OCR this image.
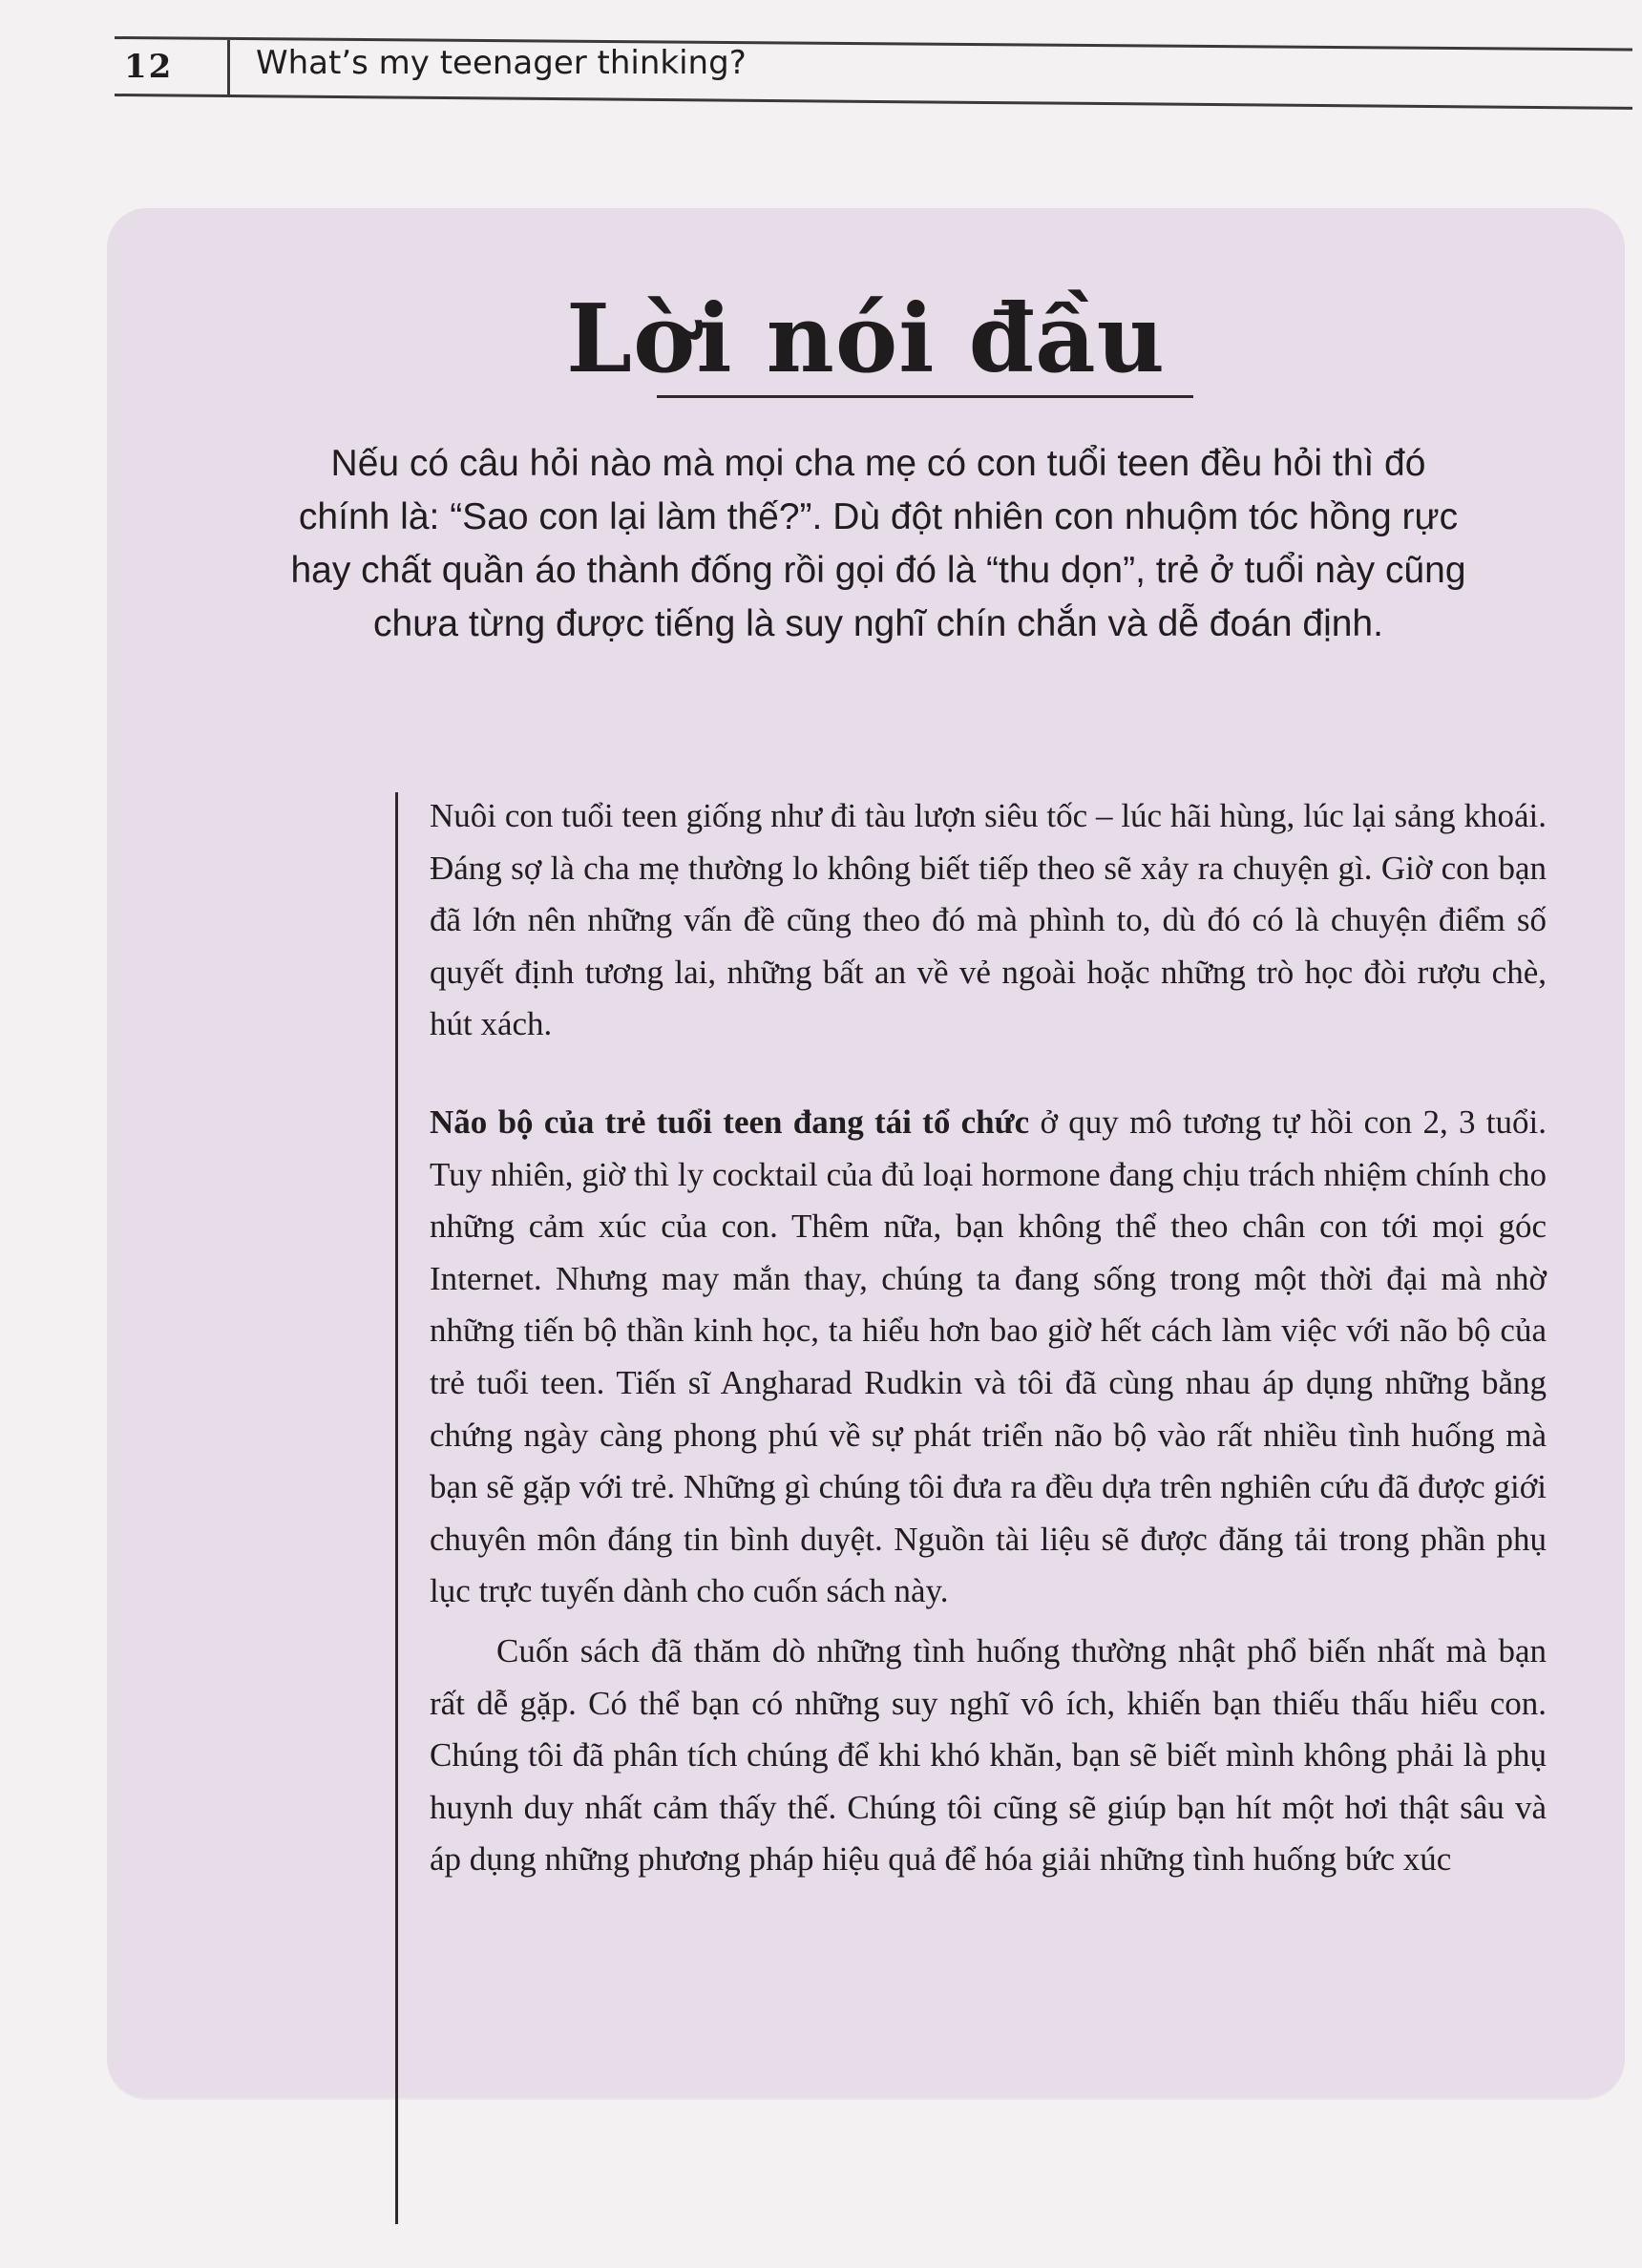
12	What’s my teenager thinking?
Lời nói đầu
Nếu có câu hỏi nào mà mọi cha mẹ có con tuổi teen đều hỏi thì đó chính là: “Sao con lại làm thế?”. Dù đột nhiên con nhuộm tóc hồng rực hay chất quần áo thành đống rồi gọi đó là “thu dọn”, trẻ ở tuổi này cũng chưa từng được tiếng là suy nghĩ chín chắn và dễ đoán định.

Nuôi con tuổi teen giống như đi tàu lượn siêu tốc – lúc hãi hùng, lúc lại sảng khoái. Đáng sợ là cha mẹ thường lo không biết tiếp theo sẽ xảy ra chuyện gì. Giờ con bạn đã lớn nên những vấn đề cũng theo đó mà phình to, dù đó có là chuyện điểm số quyết định tương lai, những bất an về vẻ ngoài hoặc những trò học đòi rượu chè, hút xách.

Não bộ của trẻ tuổi teen đang tái tổ chức ở quy mô tương tự hồi con 2, 3 tuổi. Tuy nhiên, giờ thì ly cocktail của đủ loại hormone đang chịu trách nhiệm chính cho những cảm xúc của con. Thêm nữa, bạn không thể theo chân con tới mọi góc Internet. Nhưng may mắn thay, chúng ta đang sống trong một thời đại mà nhờ những tiến bộ thần kinh học, ta hiểu hơn bao giờ hết cách làm việc với não bộ của trẻ tuổi teen. Tiến sĩ Angharad Rudkin và tôi đã cùng nhau áp dụng những bằng chứng ngày càng phong phú về sự phát triển não bộ vào rất nhiều tình huống mà bạn sẽ gặp với trẻ. Những gì chúng tôi đưa ra đều dựa trên nghiên cứu đã được giới chuyên môn đáng tin bình duyệt. Nguồn tài liệu sẽ được đăng tải trong phần phụ lục trực tuyến dành cho cuốn sách này.

Cuốn sách đã thăm dò những tình huống thường nhật phổ biến nhất mà bạn rất dễ gặp. Có thể bạn có những suy nghĩ vô ích, khiến bạn thiếu thấu hiểu con. Chúng tôi đã phân tích chúng để khi khó khăn, bạn sẽ biết mình không phải là phụ huynh duy nhất cảm thấy thế. Chúng tôi cũng sẽ giúp bạn hít một hơi thật sâu và áp dụng những phương pháp hiệu quả để hóa giải những tình huống bức xúc
